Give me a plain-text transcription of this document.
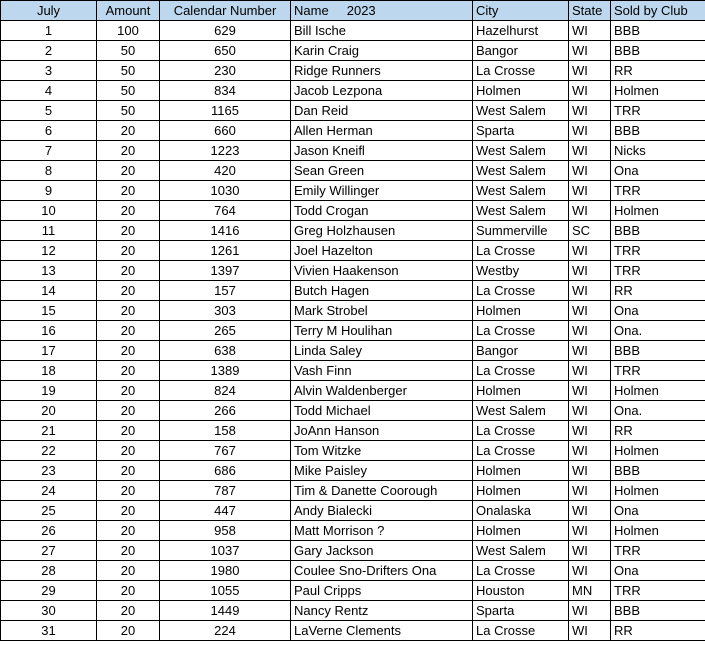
July	Amount	Calendar Number	Name     2023	City	State	Sold by Club
1	100	629	Bill Ische	Hazelhurst	WI	BBB
2	50	650	Karin Craig	Bangor	WI	BBB
3	50	230	Ridge Runners	La Crosse	WI	RR
4	50	834	Jacob Lezpona	Holmen	WI	Holmen
5	50	1165	Dan Reid	West Salem	WI	TRR
6	20	660	Allen Herman	Sparta	WI	BBB
7	20	1223	Jason Kneifl	West Salem	WI	Nicks
8	20	420	Sean Green	West Salem	WI	Ona
9	20	1030	Emily Willinger	West Salem	WI	TRR
10	20	764	Todd Crogan	West Salem	WI	Holmen
11	20	1416	Greg Holzhausen	Summerville	SC	BBB
12	20	1261	Joel Hazelton	La Crosse	WI	TRR
13	20	1397	Vivien Haakenson	Westby	WI	TRR
14	20	157	Butch Hagen	La Crosse	WI	RR
15	20	303	Mark Strobel	Holmen	WI	Ona
16	20	265	Terry M Houlihan	La Crosse	WI	Ona.
17	20	638	Linda Saley	Bangor	WI	BBB
18	20	1389	Vash Finn	La Crosse	WI	TRR
19	20	824	Alvin Waldenberger	Holmen	WI	Holmen
20	20	266	Todd Michael	West Salem	WI	Ona.
21	20	158	JoAnn Hanson	La Crosse	WI	RR
22	20	767	Tom Witzke	La Crosse	WI	Holmen
23	20	686	Mike Paisley	Holmen	WI	BBB
24	20	787	Tim & Danette Coorough	Holmen	WI	Holmen
25	20	447	Andy Bialecki	Onalaska	WI	Ona
26	20	958	Matt Morrison ?	Holmen	WI	Holmen
27	20	1037	Gary Jackson	West Salem	WI	TRR
28	20	1980	Coulee Sno-Drifters Ona	La Crosse	WI	Ona
29	20	1055	Paul Cripps	Houston	MN	TRR
30	20	1449	Nancy Rentz	Sparta	WI	BBB
31	20	224	LaVerne Clements	La Crosse	WI	RR
